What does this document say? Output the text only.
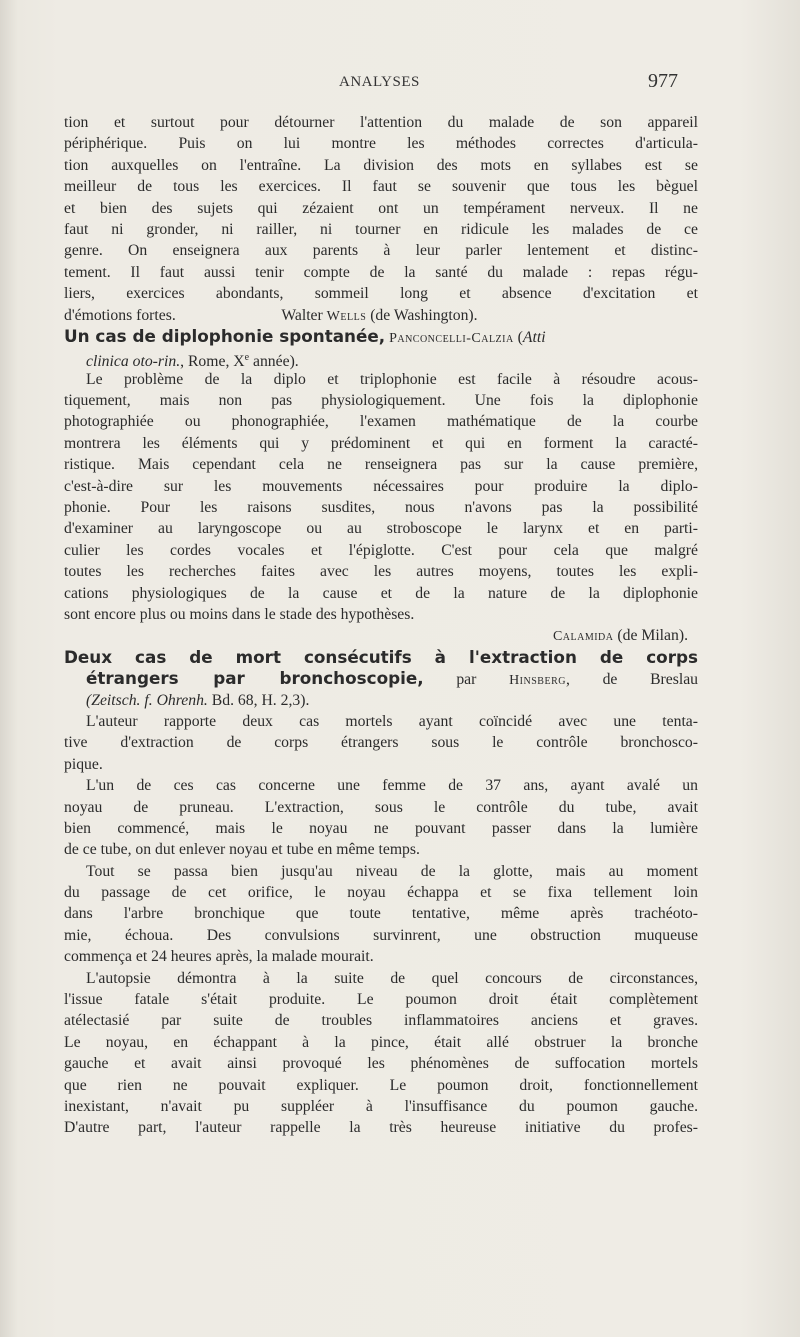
ANALYSES	977
tion et surtout pour détourner l'attention du malade de son appareil
périphérique. Puis on lui montre les méthodes correctes d'articula-
tion auxquelles on l'entraîne. La division des mots en syllabes est se
meilleur de tous les exercices. Il faut se souvenir que tous les bèguel
et bien des sujets qui zézaient ont un tempérament nerveux. Il ne
faut ni gronder, ni railler, ni tourner en ridicule les malades de ce
genre. On enseignera aux parents à leur parler lentement et distinc-
tement. Il faut aussi tenir compte de la santé du malade : repas régu-
liers, exercices abondants, sommeil long et absence d'excitation et
d'émotions fortes.	Walter Wells (de Washington).
Un cas de diplophonie spontanée, Panconcelli-Calzia (Atti
clinica oto-rin., Rome, Xe année).
Le problème de la diplo et triplophonie est facile à résoudre acous-
tiquement, mais non pas physiologiquement. Une fois la diplophonie
photographiée ou phonographiée, l'examen mathématique de la courbe
montrera les éléments qui y prédominent et qui en forment la caracté-
ristique. Mais cependant cela ne renseignera pas sur la cause première,
c'est-à-dire sur les mouvements nécessaires pour produire la diplo-
phonie. Pour les raisons susdites, nous n'avons pas la possibilité
d'examiner au laryngoscope ou au stroboscope le larynx et en parti-
culier les cordes vocales et l'épiglotte. C'est pour cela que malgré
toutes les recherches faites avec les autres moyens, toutes les expli-
cations physiologiques de la cause et de la nature de la diplophonie
sont encore plus ou moins dans le stade des hypothèses.
Calamida (de Milan).
Deux cas de mort consécutifs à l'extraction de corps
étrangers par bronchoscopie, par Hinsberg, de Breslau
(Zeitsch. f. Ohrenh. Bd. 68, H. 2,3).
L'auteur rapporte deux cas mortels ayant coïncidé avec une tenta-
tive d'extraction de corps étrangers sous le contrôle bronchosco-
pique.
L'un de ces cas concerne une femme de 37 ans, ayant avalé un
noyau de pruneau. L'extraction, sous le contrôle du tube, avait
bien commencé, mais le noyau ne pouvant passer dans la lumière
de ce tube, on dut enlever noyau et tube en même temps.
Tout se passa bien jusqu'au niveau de la glotte, mais au moment
du passage de cet orifice, le noyau échappa et se fixa tellement loin
dans l'arbre bronchique que toute tentative, même après trachéoto-
mie, échoua. Des convulsions survinrent, une obstruction muqueuse
commença et 24 heures après, la malade mourait.
L'autopsie démontra à la suite de quel concours de circonstances,
l'issue fatale s'était produite. Le poumon droit était complètement
atélectasié par suite de troubles inflammatoires anciens et graves.
Le noyau, en échappant à la pince, était allé obstruer la bronche
gauche et avait ainsi provoqué les phénomènes de suffocation mortels
que rien ne pouvait expliquer. Le poumon droit, fonctionnellement
inexistant, n'avait pu suppléer à l'insuffisance du poumon gauche.
D'autre part, l'auteur rappelle la très heureuse initiative du profes-
